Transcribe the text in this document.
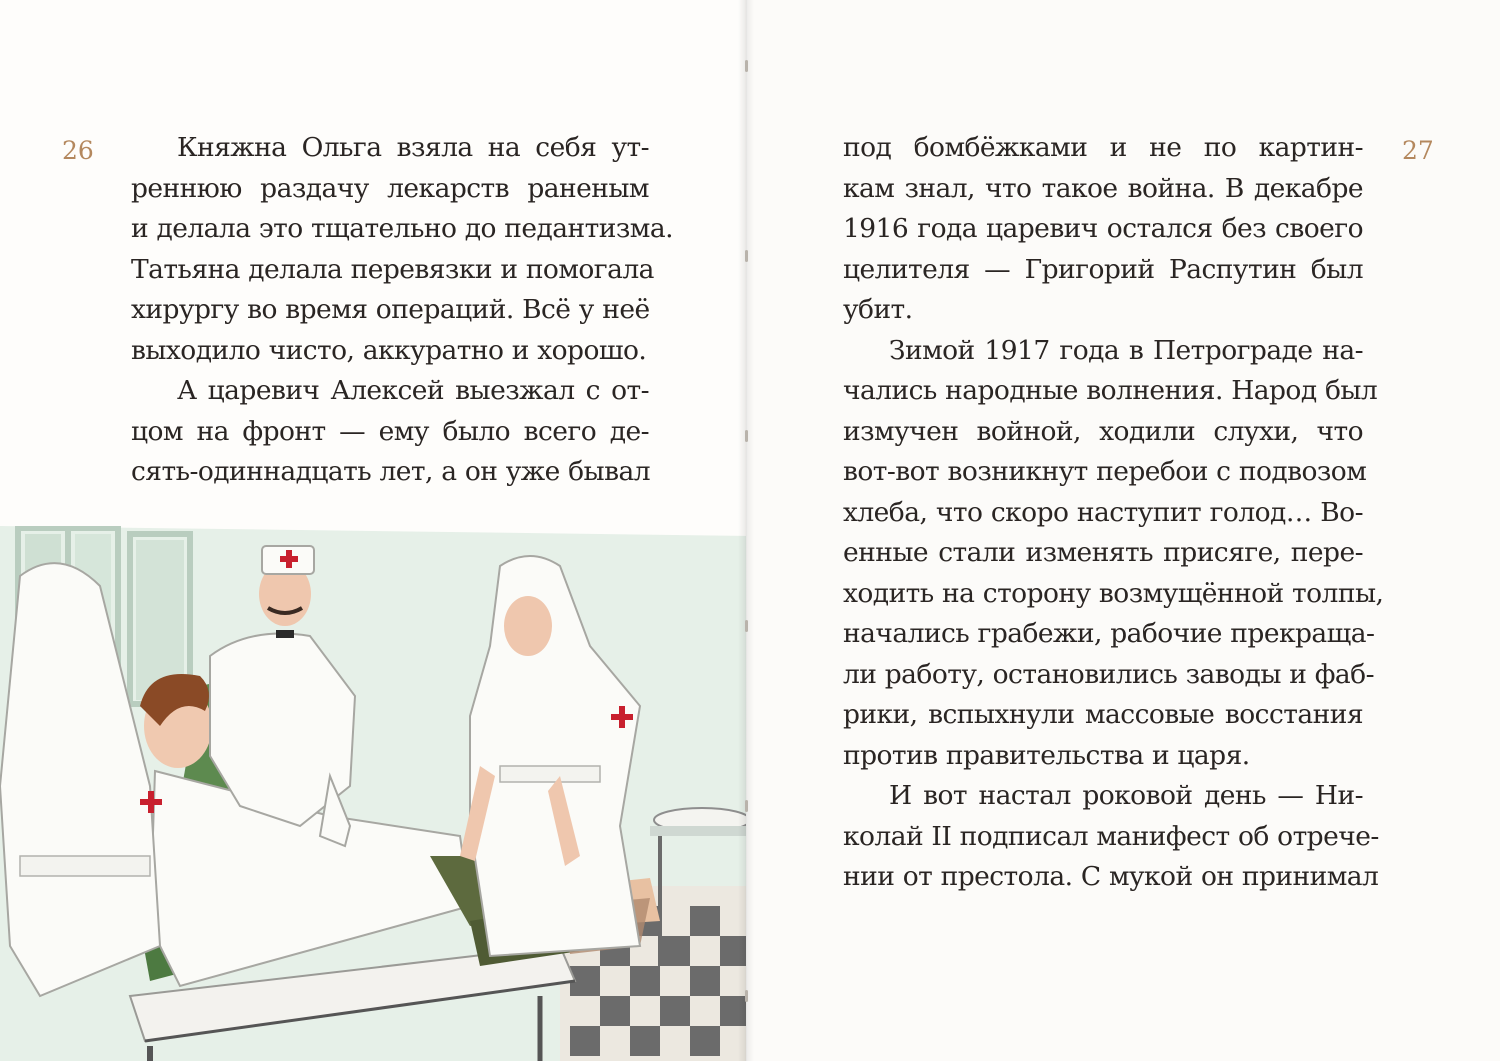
26	Княжна Ольга взяла на себя ут-
реннюю раздачу лекарств раненым
и делала это тщательно до педантизма.
Татьяна делала перевязки и помогала
хирургу во время операций. Всё у неё
выходило чисто, аккуратно и хорошо.
А царевич Алексей выезжал с от-
цом на фронт — ему было всего де-
сять-одиннадцать лет, а он уже бывал
27
под бомбёжками и не по картин-
кам знал, что такое война. В декабре
1916 года царевич остался без своего
целителя — Григорий Распутин был
убит.
Зимой 1917 года в Петрограде на-
чались народные волнения. Народ был
измучен войной, ходили слухи, что
вот-вот возникнут перебои с подвозом
хлеба, что скоро наступит голод… Во-
енные стали изменять присяге, пере-
ходить на сторону возмущённой толпы,
начались грабежи, рабочие прекраща-
ли работу, остановились заводы и фаб-
рики, вспыхнули массовые восстания
против правительства и царя.
И вот настал роковой день — Ни-
колай II подписал манифест об отрече-
нии от престола. С мукой он принимал
